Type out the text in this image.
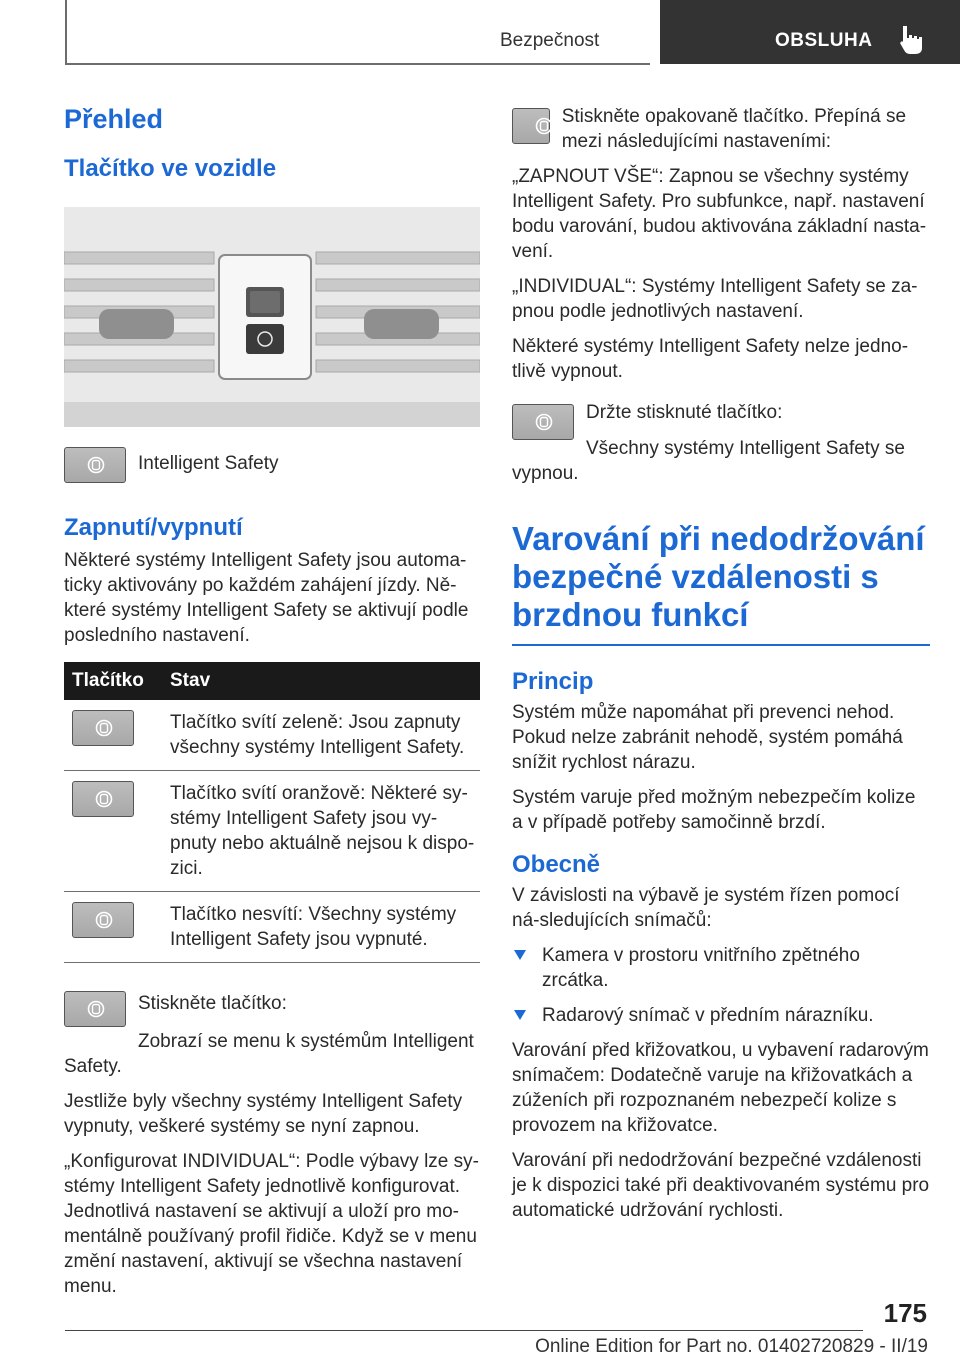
Bezpečnost	OBSLUHA
Přehled
Tlačítko ve vozidle
Intelligent Safety
Zapnutí/vypnutí

Některé systémy Intelligent Safety jsou automa-ticky aktivovány po každém zahájení jízdy. Ně-které systémy Intelligent Safety se aktivují podle posledního nastavení.

Tlačítko	Stav

	Tlačítko svítí zeleně: Jsou zapnuty všechny systémy Intelligent Safety.

	Tlačítko svítí oranžově: Některé sy-stémy Intelligent Safety jsou vy-pnuty nebo aktuálně nejsou k dispo-zici.

	Tlačítko nesvítí: Všechny systémy Intelligent Safety jsou vypnuté.
Stiskněte tlačítko:

Zobrazí se menu k systémům Intelligent Safety.

Jestliže byly všechny systémy Intelligent Safety vypnuty, veškeré systémy se nyní zapnou.

„Konfigurovat INDIVIDUAL“: Podle výbavy lze sy-stémy Intelligent Safety jednotlivě konfigurovat. Jednotlivá nastavení se aktivují a uloží pro mo-mentálně používaný profil řidiče. Když se v menu změní nastavení, aktivují se všechna nastavení menu.

Stiskněte opakovaně tlačítko. Přepíná se mezi následujícími nastaveními:

„ZAPNOUT VŠE“: Zapnou se všechny systémy Intelligent Safety. Pro subfunkce, např. nastavení bodu varování, budou aktivována základní nasta-vení.

„INDIVIDUAL“: Systémy Intelligent Safety se za-pnou podle jednotlivých nastavení.

Některé systémy Intelligent Safety nelze jedno-tlivě vypnout.

Držte stisknuté tlačítko:

Všechny systémy Intelligent Safety se vypnou.

Varování při nedodržování bezpečné vzdálenosti s brzdnou funkcí
Princip

Systém může napomáhat při prevenci nehod. Pokud nelze zabránit nehodě, systém pomáhá snížit rychlost nárazu.

Systém varuje před možným nebezpečím kolize a v případě potřeby samočinně brzdí.

Obecně

V závislosti na výbavě je systém řízen pomocí ná-sledujících snímačů:

Kamera v prostoru vnitřního zpětného zrcátka.
Radarový snímač v předním nárazníku.

Varování před křižovatkou, u vybavení radarovým snímačem: Dodatečně varuje na křižovatkách a zúženích při rozpoznaném nebezpečí kolize s provozem na křižovatce.

Varování při nedodržování bezpečné vzdálenosti je k dispozici také při deaktivovaném systému pro automatické udržování rychlosti.

175
Online Edition for Part no. 01402720829 - II/19
